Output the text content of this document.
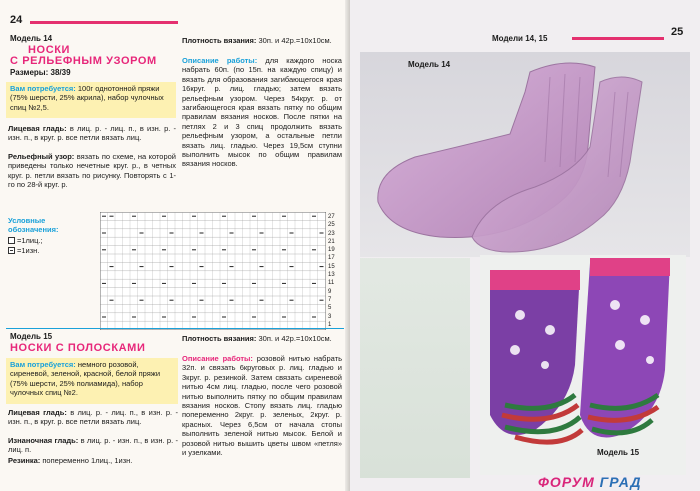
24
Модель 14
НОСКИ
С РЕЛЬЕФНЫМ УЗОРОМ
Размеры: 38/39
Вам потребуется: 100г однотонной пряжи (75% шерсти, 25% акрила), набор чулочных спиц №2,5.
Лицевая гладь: в лиц. р. - лиц. п., в изн. р. - изн. п., в круг. р. все петли вязать лиц.
Рельефный узор: вязать по схеме, на которой приведены только нечетные круг. р., в четных круг. р. петли вязать по рисунку. Повторять с 1-го по 28-й круг. р.
Плотность вязания: 30п. и 42р.=10х10см.
Описание работы: для каждого носка набрать 60п. (по 15п. на каждую спицу) и вязать для образования загибающегося края 16круг. р. лиц. гладью; затем вязать рельефным узором. Через 54круг. р. от загибающегося края вязать пятку по общим правилам вязания носков. После пятки на петлях 2 и 3 спиц продолжить вязать рельефным узором, а остальные петли вязать лиц. гладью. Через 19,5см ступни выполнить мысок по общим правилам вязания носков.
Условные обозначения:
=1лиц.;
=1изн.
27
25
23
21
19
17
15
13
11
9
7
5
3
1
Модель 15
НОСКИ С ПОЛОСКАМИ
Вам потребуется: немного розовой, сиреневой, зеленой, красной, белой пряжи (75% шерсти, 25% полиамида), набор чулочных спиц №2.
Лицевая гладь: в лиц. р. - лиц. п., в изн. р. - изн. п., в круг. р. все петли вязать лиц.
Изнаночная гладь: в лиц. р. - изн. п., в изн. р. - лиц. п.
Резинка: попеременно 1лиц., 1изн.
Плотность вязания: 30п. и 42р.=10х10см.
Описание работы: розовой нитью набрать 32п. и связать 6круговых р. лиц. гладью и 3круг. р. резинкой. Затем связать сиреневой нитью 4см лиц. гладью, после чего розовой нитью выполнить пятку по общим правилам вязания носков. Стопу вязать лиц. гладью попеременно 2круг. р. зеленых, 2круг. р. красных. Через 6,5см от начала стопы выполнить зеленой нитью мысок. Белой и розовой нитью вышить цветы швом «петля» и узелками.
25
Модели 14, 15
Модель 14
Модель 15
ФОРУМ ГРАД
